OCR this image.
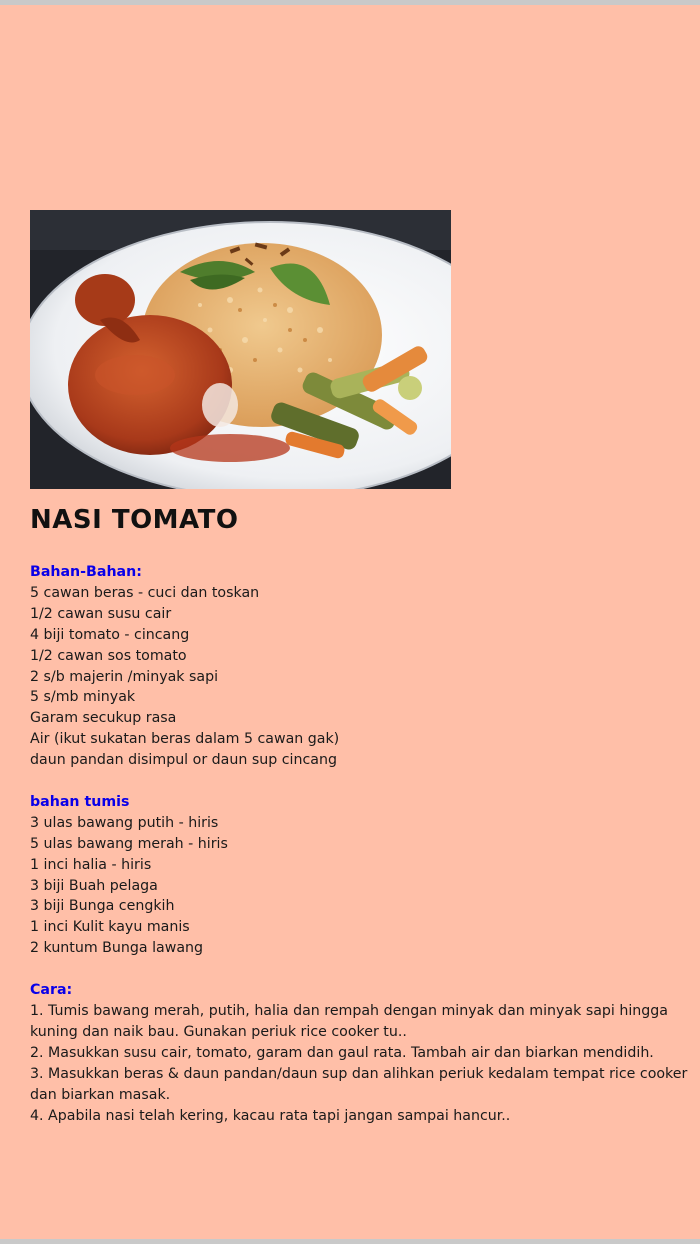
NASI TOMATO
Bahan-Bahan:
5 cawan beras - cuci dan toskan
1/2 cawan susu cair
4 biji tomato - cincang
1/2 cawan sos tomato
2 s/b majerin /minyak sapi
5 s/mb minyak
Garam secukup rasa
Air (ikut sukatan beras dalam 5 cawan gak)
daun pandan disimpul or daun sup cincang
bahan tumis
3 ulas bawang putih - hiris
5 ulas bawang merah - hiris
1 inci halia - hiris
3 biji Buah pelaga
3 biji Bunga cengkih
1 inci Kulit kayu manis
2 kuntum Bunga lawang
Cara:
1. Tumis bawang merah, putih, halia dan rempah dengan minyak dan minyak sapi hingga kuning dan naik bau. Gunakan periuk rice cooker tu..
2. Masukkan susu cair, tomato, garam dan gaul rata. Tambah air dan biarkan mendidih.
3. Masukkan beras & daun pandan/daun sup dan alihkan periuk kedalam tempat rice cooker dan biarkan masak.
4. Apabila nasi telah kering, kacau rata tapi jangan sampai hancur..
